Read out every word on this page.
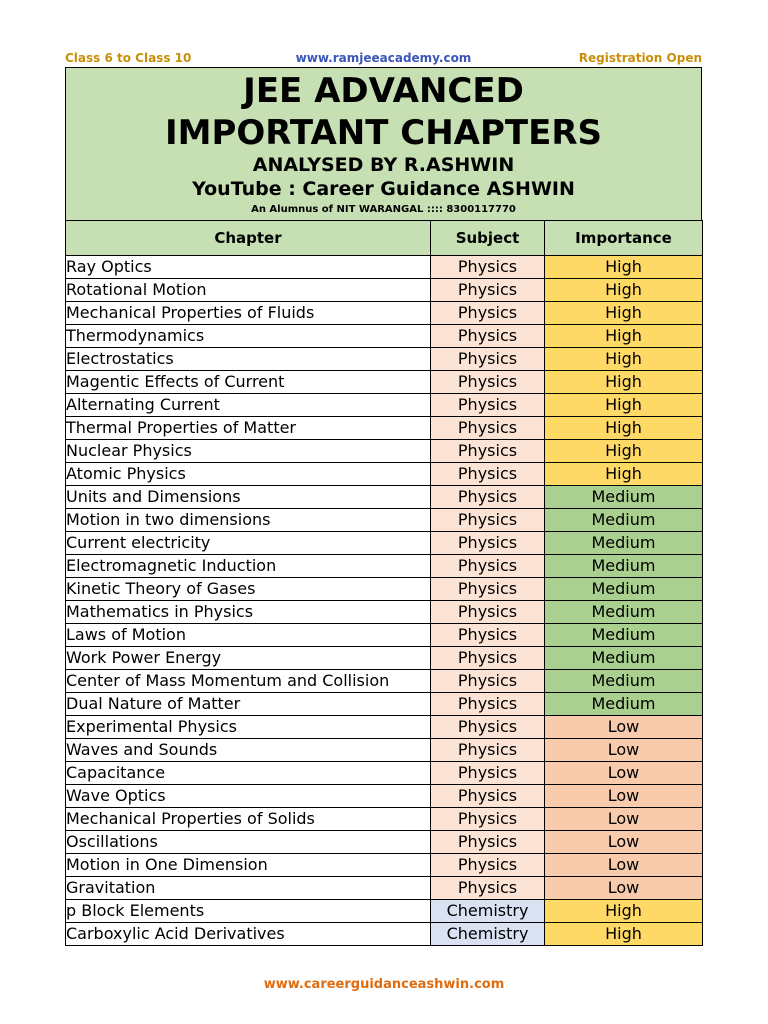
Class 6 to Class 10	www.ramjeeacademy.com	Registration Open
JEE ADVANCED
IMPORTANT CHAPTERS
ANALYSED BY R.ASHWIN
YouTube : Career Guidance ASHWIN
An Alumnus of NIT WARANGAL :::: 8300117770
Chapter	Subject	Importance
Ray Optics	Physics	High
Rotational Motion	Physics	High
Mechanical Properties of Fluids	Physics	High
Thermodynamics	Physics	High
Electrostatics	Physics	High
Magentic Effects of Current	Physics	High
Alternating Current	Physics	High
Thermal Properties of Matter	Physics	High
Nuclear Physics	Physics	High
Atomic Physics	Physics	High
Units and Dimensions	Physics	Medium
Motion in two dimensions	Physics	Medium
Current electricity	Physics	Medium
Electromagnetic Induction	Physics	Medium
Kinetic Theory of Gases	Physics	Medium
Mathematics in Physics	Physics	Medium
Laws of Motion	Physics	Medium
Work Power Energy	Physics	Medium
Center of Mass Momentum and Collision	Physics	Medium
Dual Nature of Matter	Physics	Medium
Experimental Physics	Physics	Low
Waves and Sounds	Physics	Low
Capacitance	Physics	Low
Wave Optics	Physics	Low
Mechanical Properties of Solids	Physics	Low
Oscillations	Physics	Low
Motion in One Dimension	Physics	Low
Gravitation	Physics	Low
p Block Elements	Chemistry	High
Carboxylic Acid Derivatives	Chemistry	High
www.careerguidanceashwin.com
